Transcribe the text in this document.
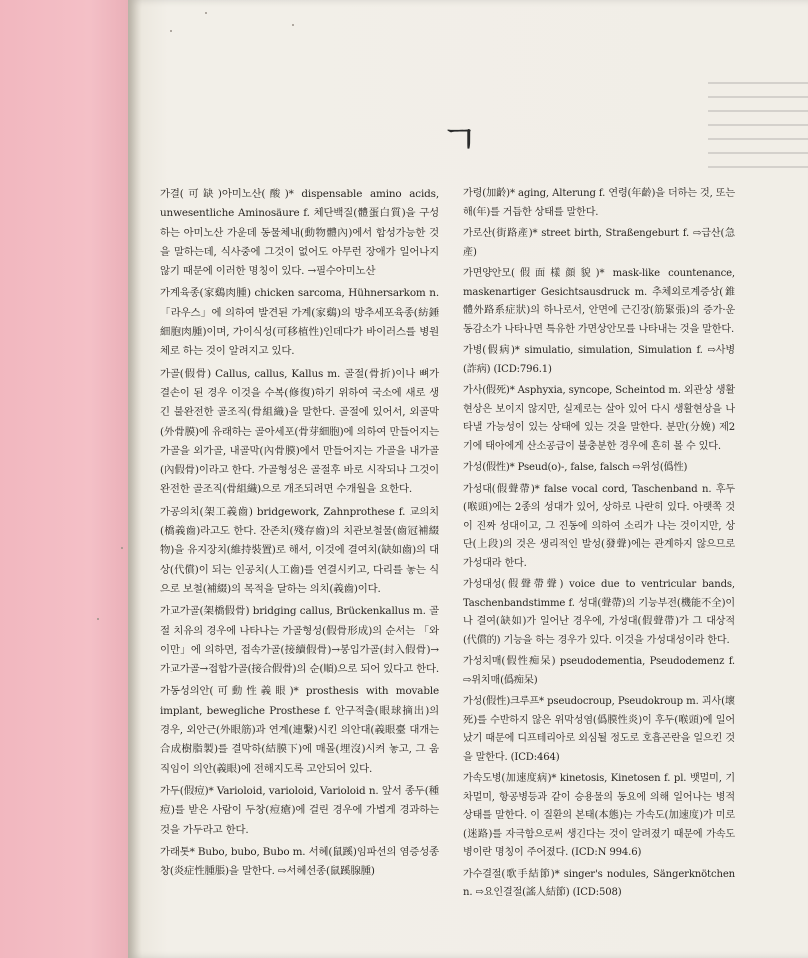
ㄱ
가결(可缺)아미노산(酸)* dispensable amino acids, unwesentliche Aminosäure f. 체단백질(體蛋白質)을 구성하는 아미노산 가운데 동물체내(動物體內)에서 합성가능한 것을 말하는데, 식사중에 그것이 없어도 아무런 장애가 일어나지 않기 때문에 이러한 명칭이 있다. →필수아미노산
가계육종(家鷄肉腫) chicken sarcoma, Hühnersarkom n. 「라우스」에 의하여 발견된 가계(家鷄)의 방추세포육종(紡錘細胞肉腫)이며, 가이식성(可移植性)인데다가 바이러스를 병원체로 하는 것이 알려지고 있다.
가골(假骨) Callus, callus, Kallus m. 골절(骨折)이나 뼈가 결손이 된 경우 이것을 수복(修復)하기 위하여 국소에 새로 생긴 불완전한 골조직(骨組織)을 말한다. 골절에 있어서, 외골막(外骨膜)에 유래하는 골아세포(骨芽細胞)에 의하여 만들어지는 가골을 외가골, 내골막(內骨膜)에서 만들어지는 가골을 내가골(內假骨)이라고 한다. 가골형성은 골절후 바로 시작되나 그것이 완전한 골조직(骨組織)으로 개조되려면 수개월을 요한다.
가공의치(架工義齒) bridgework, Zahnprothese f. 교의치(橋義齒)라고도 한다. 잔존치(殘存齒)의 치관보철물(齒冠補綴物)을 유지장치(維持裝置)로 해서, 이것에 결여치(缺如齒)의 대상(代償)이 되는 인공치(人工齒)를 연결시키고, 다리를 놓는 식으로 보철(補綴)의 목적을 달하는 의치(義齒)이다.
가교가골(架橋假骨) bridging callus, Brückenkallus m. 골절 치유의 경우에 나타나는 가골형성(假骨形成)의 순서는 「와이만」에 의하면, 접속가골(接續假骨)→봉입가골(封入假骨)→가교가골→접합가골(接合假骨)의 순(順)으로 되어 있다고 한다.
가동성의안(可動性義眼)* prosthesis with movable implant, bewegliche Prosthese f. 안구적출(眼球摘出)의 경우, 외안근(外眼筋)과 연계(連繫)시킨 의안대(義眼臺 대개는 合成樹脂製)를 결막하(結膜下)에 매몰(埋沒)시켜 놓고, 그 움직임이 의안(義眼)에 전해지도록 고안되어 있다.
가두(假痘)* Varioloid, varioloid, Varioloid n. 앞서 종두(種痘)를 받은 사람이 두창(痘瘡)에 걸린 경우에 가볍게 경과하는 것을 가두라고 한다.
가래톳* Bubo, bubo, Bubo m. 서혜(鼠蹊)임파선의 염증성종창(炎症性腫脹)을 말한다. ⇨서혜선종(鼠蹊腺腫)
가령(加齡)* aging, Alterung f. 연령(年齡)을 더하는 것, 또는 해(年)를 거듭한 상태를 말한다.
가로산(街路產)* street birth, Straßengeburt f. ⇨급산(急產)
가면양안모(假面樣顔貌)* mask-like countenance, maskenartiger Gesichtsausdruck m. 추체외로계증상(錐體外路系症狀)의 하나로서, 안면에 근긴장(筋緊張)의 증가·운동감소가 나타나면 특유한 가면상안모를 나타내는 것을 말한다.
가병(假病)* simulatio, simulation, Simulation f. ⇨사병(詐病) (ICD:796.1)
가사(假死)* Asphyxia, syncope, Scheintod m. 외관상 생활현상은 보이지 않지만, 실제로는 살아 있어 다시 생활현상을 나타낼 가능성이 있는 상태에 있는 것을 말한다. 분만(分娩) 제2기에 태아에게 산소공급이 불충분한 경우에 흔히 볼 수 있다.
가성(假性)* Pseud(o)-, false, falsch ⇨위성(僞性)
가성대(假聲帶)* false vocal cord, Taschenband n. 후두(喉頭)에는 2종의 성대가 있어, 상하로 나란히 있다. 아랫쪽 것이 진짜 성대이고, 그 진동에 의하여 소리가 나는 것이지만, 상단(上段)의 것은 생리적인 발성(發聲)에는 관계하지 않으므로 가성대라 한다.
가성대성(假聲帶聲) voice due to ventricular bands, Taschenbandstimme f. 성대(聲帶)의 기능부전(機能不全)이나 결여(缺如)가 일어난 경우에, 가성대(假聲帶)가 그 대상적(代償的) 기능을 하는 경우가 있다. 이것을 가성대성이라 한다.
가성치매(假性痴呆) pseudodementia, Pseudodemenz f. ⇨위치매(僞痴呆)
가성(假性)크루프* pseudocroup, Pseudokroup m. 괴사(壞死)를 수반하지 않은 위막성염(僞膜性炎)이 후두(喉頭)에 일어났기 때문에 디프테리아로 외심될 정도로 호흡곤란을 일으킨 것을 말한다. (ICD:464)
가속도병(加速度病)* kinetosis, Kinetosen f. pl. 뱃멀미, 기차멀미, 항공병등과 같이 승용물의 동요에 의해 일어나는 병적 상태를 말한다. 이 질환의 본태(本態)는 가속도(加速度)가 미로(迷路)를 자극함으로써 생긴다는 것이 알려졌기 때문에 가속도병이란 명칭이 주어졌다. (ICD:N 994.6)
가수결절(歌手結節)* singer's nodules, Sängerknötchen n. ⇨요인결절(謠人結節) (ICD:508)
